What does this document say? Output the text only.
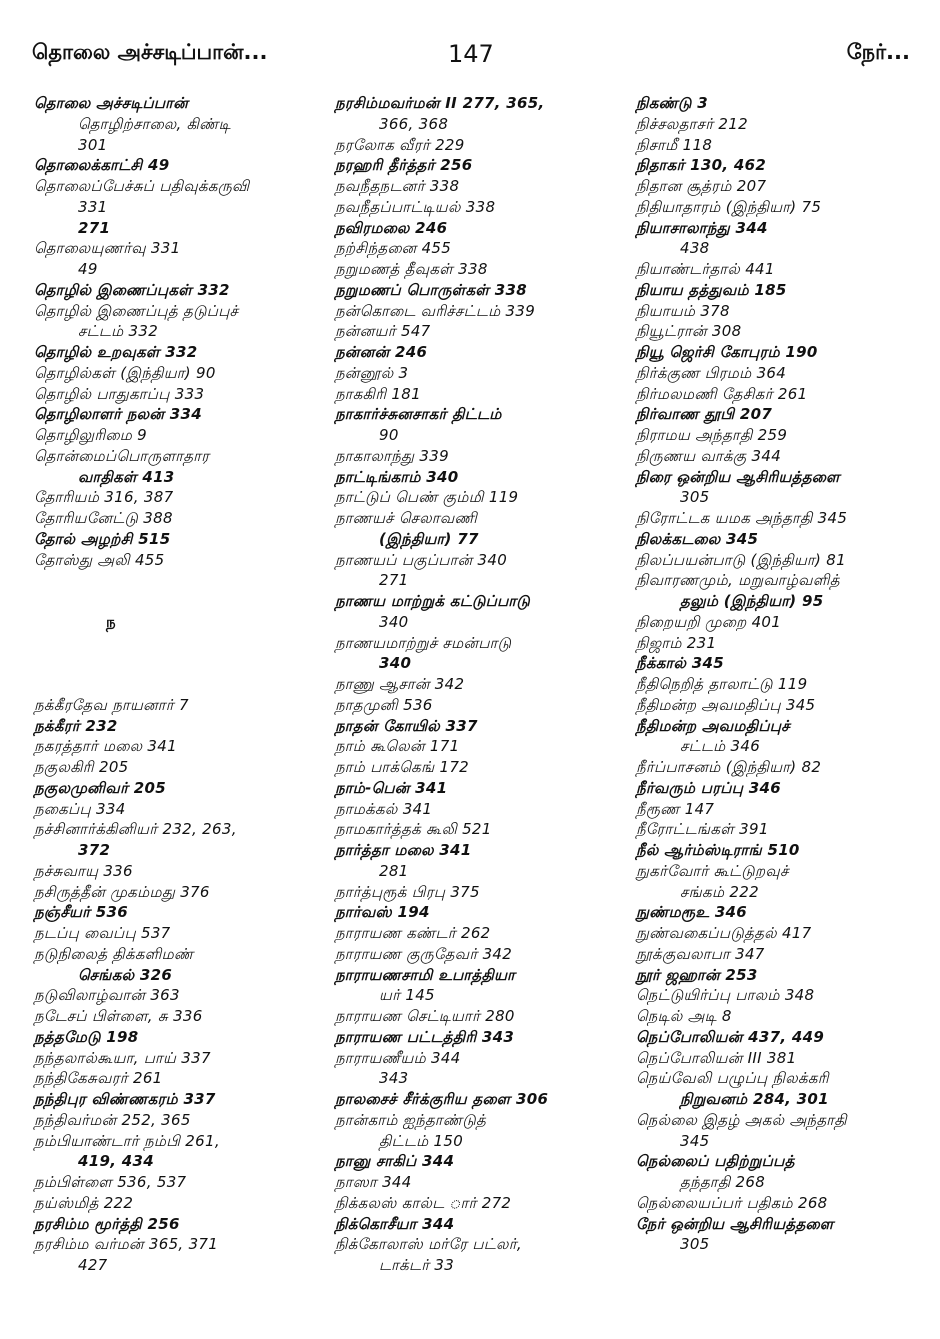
தொலை அச்சடிப்பான்...	147	நேர்...
தொலை அச்சடிப்பான்
தொழிற்சாலை, கிண்டி
301
தொலைக்காட்சி 49
தொலைப்பேச்சுப் பதிவுக்கருவி
331
271
தொலையுணர்வு 331
49
தொழில் இணைப்புகள் 332
தொழில் இணைப்புத் தடுப்புச்
சட்டம் 332
தொழில் உறவுகள் 332
தொழில்கள் (இந்தியா) 90
தொழில் பாதுகாப்பு 333
தொழிலாளர் நலன் 334
தொழிலுரிமை 9
தொன்மைப்பொருளாதார
வாதிகள் 413
தோரியம் 316, 387
தோரியனேட்டு 388
தோல் அழற்சி 515
தோஸ்து அலி 455
ந
நக்கீரதேவ நாயனார் 7
நக்கீரர் 232
நகரத்தார் மலை 341
நகுலகிரி 205
நகுலமுனிவர் 205
நகைப்பு 334
நச்சினார்க்கினியர் 232, 263,
372
நச்சுவாயு 336
நசிருத்தீன் முகம்மது 376
நஞ்சீயர் 536
நடப்பு வைப்பு 537
நடுநிலைத் திக்களிமண்
செங்கல் 326
நடுவிலாழ்வான் 363
நடேசப் பிள்ளை, சு 336
நத்தமேடு 198
நந்தலால்கூயா, பாய் 337
நந்திகேசுவரர் 261
நந்திபுர விண்ணகரம் 337
நந்திவர்மன் 252, 365
நம்பியாண்டார் நம்பி 261,
419, 434
நம்பிள்ளை 536, 537
நய்ஸ்மித் 222
நரசிம்ம மூர்த்தி 256
நரசிம்ம வர்மன் 365, 371
427
நரசிம்மவர்மன் II 277, 365,
366, 368
நரலோக வீரர் 229
நரஹரி தீர்த்தர் 256
நவநீதநடனர் 338
நவநீதப்பாட்டியல் 338
நவிரமலை 246
நற்சிந்தனை 455
நறுமணத் தீவுகள் 338
நறுமணப் பொருள்கள் 338
நன்கொடை வரிச்சட்டம் 339
நன்னயர் 547
நன்னன் 246
நன்னூல் 3
நாககிரி 181
நாகார்ச்சுனசாகர் திட்டம்
90
நாகாலாந்து 339
நாட்டிங்காம் 340
நாட்டுப் பெண் கும்மி 119
நாணயச் செலாவணி
(இந்தியா) 77
நாணயப் பகுப்பான் 340
271
நாணய மாற்றுக் கட்டுப்பாடு
340
நாணயமாற்றுச் சமன்பாடு
340
நாணு ஆசான் 342
நாதமுனி 536
நாதன் கோயில் 337
நாம் கூலென் 171
நாம் பாக்கெங் 172
நாம்-பென் 341
நாமக்கல் 341
நாமகார்த்தக் கூலி 521
நார்த்தா மலை 341
281
நார்த்புரூக் பிரபு 375
நார்வஸ் 194
நாராயண கண்டர் 262
நாராயண குருதேவர் 342
நாராயணசாமி உபாத்தியா
யர் 145
நாராயண செட்டியார் 280
நாராயண பட்டத்திரி 343
நாராயணீயம் 344
343
நாலசைச் சீர்க்குரிய தளை 306
நான்காம் ஐந்தாண்டுத்
திட்டம் 150
நானு சாகிப் 344
நாஸா 344
நிக்கலஸ் கால்ட ார் 272
நிக்கொசீயா 344
நிக்கோலாஸ் மர்ரே பட்லர்,
டாக்டர் 33
நிகண்டு 3
நிச்சலதாசர் 212
நிசாமீ 118
நிதாகர் 130, 462
நிதான சூத்ரம் 207
நிதியாதாரம் (இந்தியா) 75
நியாசாலாந்து 344
438
நியாண்டர்தால் 441
நியாய தத்துவம் 185
நியாயம் 378
நியூட்ரான் 308
நியூ ஜெர்சி கோபுரம் 190
நிர்க்குண பிரமம் 364
நிர்மலமணி தேசிகர் 261
நிர்வாண தூபி 207
நிராமய அந்தாதி 259
நிருணய வாக்கு 344
நிரை ஒன்றிய ஆசிரியத்தளை
305
நிரோட்டக யமக அந்தாதி 345
நிலக்கடலை 345
நிலப்பயன்பாடு (இந்தியா) 81
நிவாரணமும், மறுவாழ்வளித்
தலும் (இந்தியா) 95
நிறையறி முறை 401
நிஜாம் 231
நீக்கால் 345
நீதிநெறித் தாலாட்டு 119
நீதிமன்ற அவமதிப்பு 345
நீதிமன்ற அவமதிப்புச்
சட்டம் 346
நீர்ப்பாசனம் (இந்தியா) 82
நீர்வரும் பரப்பு 346
நீரூண 147
நீரோட்டங்கள் 391
நீல் ஆர்ம்ஸ்டிராங் 510
நுகர்வோர் கூட்டுறவுச்
சங்கம் 222
நுண்மரூஉ 346
நுண்வகைப்படுத்தல் 417
நூக்குவலாபா 347
நூர் ஜஹான் 253
நெட்டுயிர்ப்பு பாலம் 348
நெடில் அடி 8
நெப்போலியன் 437, 449
நெப்போலியன் III 381
நெய்வேலி பழுப்பு நிலக்கரி
நிறுவனம் 284, 301
நெல்லை இதழ் அகல் அந்தாதி
345
நெல்லைப் பதிற்றுப்பத்
தந்தாதி 268
நெல்லையப்பர் பதிகம் 268
நேர் ஒன்றிய ஆசிரியத்தளை
305
